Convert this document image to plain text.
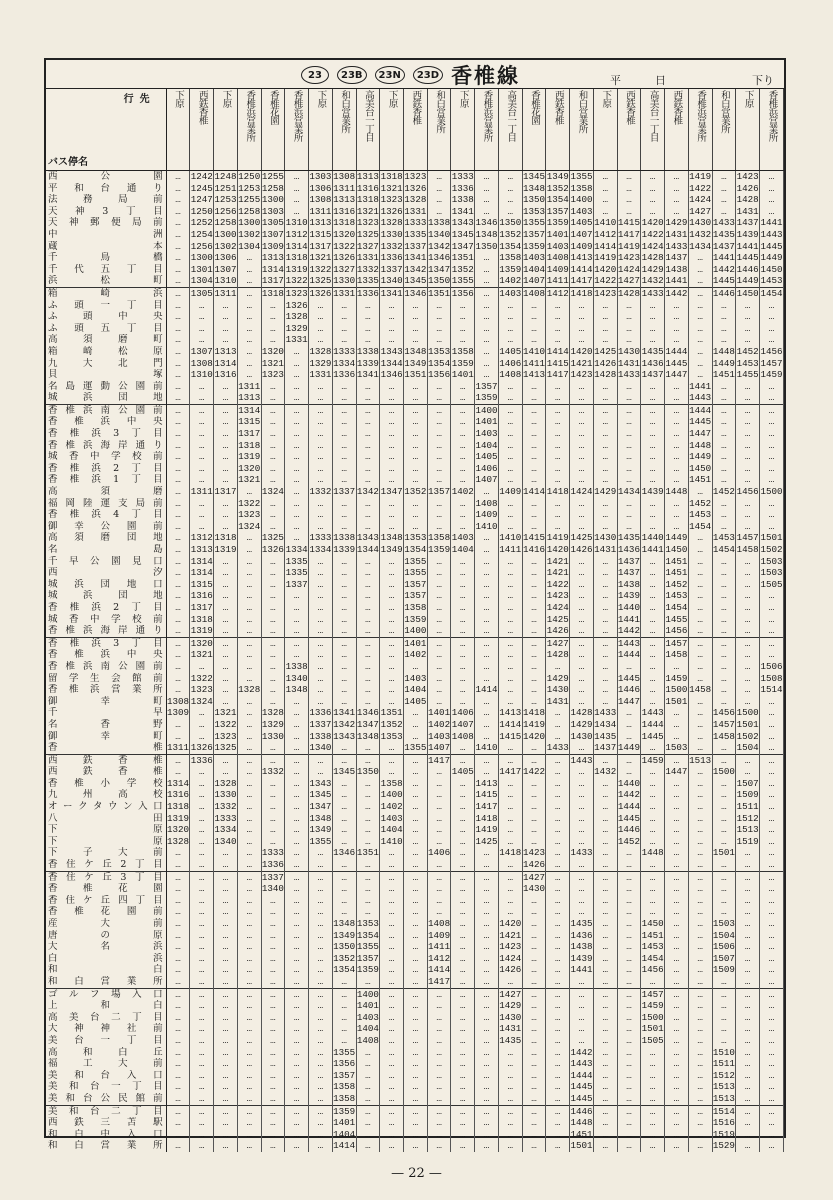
23	23B	23N	23D 香椎線	平日	下り
行先
バス停名	下原	西鉄香椎	下原	香椎浜営業所	香椎花園	香椎浜営業所	下原	和白営業所	高美台一丁目	下原	西鉄香椎	和白営業所	下原	香椎浜営業所	高美台一丁目	香椎花園	西鉄香椎	和白営業所	下原	西鉄香椎	高美台一丁目	西鉄香椎	香椎浜営業所	和白営業所	下原	香椎浜営業所
西公園	…	1242	1248	1250	1255	…	1303	1308	1313	1318	1323	…	1333	…	…	1345	1349	1355	…	…	…	…	1419	…	1423	…
平和台通り	…	1245	1251	1253	1258	…	1306	1311	1316	1321	1326	…	1336	…	…	1348	1352	1358	…	…	…	…	1422	…	1426	…
法務局前	…	1247	1253	1255	1300	…	1308	1313	1318	1323	1328	…	1338	…	…	1350	1354	1400	…	…	…	…	1424	…	1428	…
天神3丁目	…	1250	1256	1258	1303	…	1311	1316	1321	1326	1331	…	1341	…	…	1353	1357	1403	…	…	…	…	1427	…	1431	…
天神郵便局前	…	1252	1258	1300	1305	1310	1313	1318	1323	1328	1333	1338	1343	1346	1350	1355	1359	1405	1410	1415	1420	1429	1430	1433	1437	1441
中洲	…	1254	1300	1302	1307	1312	1315	1320	1325	1330	1335	1340	1345	1348	1352	1357	1401	1407	1412	1417	1422	1431	1432	1435	1439	1443
蔵本	…	1256	1302	1304	1309	1314	1317	1322	1327	1332	1337	1342	1347	1350	1354	1359	1403	1409	1414	1419	1424	1433	1434	1437	1441	1445
千鳥橋	…	1300	1306	…	1313	1318	1321	1326	1331	1336	1341	1346	1351	…	1358	1403	1408	1413	1419	1423	1428	1437	…	1441	1445	1449
千代五丁目	…	1301	1307	…	1314	1319	1322	1327	1332	1337	1342	1347	1352	…	1359	1404	1409	1414	1420	1424	1429	1438	…	1442	1446	1450
浜松町	…	1304	1310	…	1317	1322	1325	1330	1335	1340	1345	1350	1355	…	1402	1407	1411	1417	1422	1427	1432	1441	…	1445	1449	1453
箱崎浜	…	1305	1311	…	1318	1323	1326	1331	1336	1341	1346	1351	1356	…	1403	1408	1412	1418	1423	1428	1433	1442	…	1446	1450	1454
ふ頭一丁目	…	…	…	…	…	1326	…	…	…	…	…	…	…	…	…	…	…	…	…	…	…	…	…	…	…	…
ふ頭中央	…	…	…	…	…	1328	…	…	…	…	…	…	…	…	…	…	…	…	…	…	…	…	…	…	…	…
ふ頭五丁目	…	…	…	…	…	1329	…	…	…	…	…	…	…	…	…	…	…	…	…	…	…	…	…	…	…	…
高須磨町	…	…	…	…	…	1331	…	…	…	…	…	…	…	…	…	…	…	…	…	…	…	…	…	…	…	…
箱崎松原	…	1307	1313	…	1320	…	1328	1333	1338	1343	1348	1353	1358	…	1405	1410	1414	1420	1425	1430	1435	1444	…	1448	1452	1456
九大北門	…	1308	1314	…	1321	…	1329	1334	1339	1344	1349	1354	1359	…	1406	1411	1415	1421	1426	1431	1436	1445	…	1449	1453	1457
貝塚	…	1310	1316	…	1323	…	1331	1336	1341	1346	1351	1356	1401	…	1408	1413	1417	1423	1428	1433	1437	1447	…	1451	1455	1459
名島運動公園前	…	…	…	1311	…	…	…	…	…	…	…	…	…	1357	…	…	…	…	…	…	…	…	1441	…	…	…
城浜団地	…	…	…	1313	…	…	…	…	…	…	…	…	…	1359	…	…	…	…	…	…	…	…	1443	…	…	…
香椎浜南公園前	…	…	…	1314	…	…	…	…	…	…	…	…	…	1400	…	…	…	…	…	…	…	…	1444	…	…	…
香椎浜中央	…	…	…	1315	…	…	…	…	…	…	…	…	…	1401	…	…	…	…	…	…	…	…	1445	…	…	…
香椎浜3丁目	…	…	…	1317	…	…	…	…	…	…	…	…	…	1403	…	…	…	…	…	…	…	…	1447	…	…	…
香椎浜海岸通り	…	…	…	1318	…	…	…	…	…	…	…	…	…	1404	…	…	…	…	…	…	…	…	1448	…	…	…
城香中学校前	…	…	…	1319	…	…	…	…	…	…	…	…	…	1405	…	…	…	…	…	…	…	…	1449	…	…	…
香椎浜2丁目	…	…	…	1320	…	…	…	…	…	…	…	…	…	1406	…	…	…	…	…	…	…	…	1450	…	…	…
香椎浜1丁目	…	…	…	1321	…	…	…	…	…	…	…	…	…	1407	…	…	…	…	…	…	…	…	1451	…	…	…
高須磨	…	1311	1317	…	1324	…	1332	1337	1342	1347	1352	1357	1402	…	1409	1414	1418	1424	1429	1434	1439	1448	…	1452	1456	1500
福岡陸運支局前	…	…	…	1322	…	…	…	…	…	…	…	…	…	1408	…	…	…	…	…	…	…	…	1452	…	…	…
香椎浜4丁目	…	…	…	1323	…	…	…	…	…	…	…	…	…	1409	…	…	…	…	…	…	…	…	1453	…	…	…
御幸公園前	…	…	…	1324	…	…	…	…	…	…	…	…	…	1410	…	…	…	…	…	…	…	…	1454	…	…	…
高須磨団地	…	1312	1318	…	1325	…	1333	1338	1343	1348	1353	1358	1403	…	1410	1415	1419	1425	1430	1435	1440	1449	…	1453	1457	1501
名島	…	1313	1319	…	1326	1334	1334	1339	1344	1349	1354	1359	1404	…	1411	1416	1420	1426	1431	1436	1441	1450	…	1454	1458	1502
千早公園見口	…	1314	…	…	…	1335	…	…	…	…	1355	…	…	…	…	…	1421	…	…	1437	…	1451	…	…	…	1503
西汐	…	1314	…	…	…	1335	…	…	…	…	1355	…	…	…	…	…	1421	…	…	1437	…	1451	…	…	…	1503
城浜団地口	…	1315	…	…	…	1337	…	…	…	…	1357	…	…	…	…	…	1422	…	…	1438	…	1452	…	…	…	1505
城浜団地	…	1316	…	…	…	…	…	…	…	…	1357	…	…	…	…	…	1423	…	…	1439	…	1453	…	…	…	…
香椎浜2丁目	…	1317	…	…	…	…	…	…	…	…	1358	…	…	…	…	…	1424	…	…	1440	…	1454	…	…	…	…
城香中学校前	…	1318	…	…	…	…	…	…	…	…	1359	…	…	…	…	…	1425	…	…	1441	…	1455	…	…	…	…
香椎浜海岸通り	…	1319	…	…	…	…	…	…	…	…	1400	…	…	…	…	…	1426	…	…	1442	…	1456	…	…	…	…
香椎浜3丁目	…	1320	…	…	…	…	…	…	…	…	1401	…	…	…	…	…	1427	…	…	1443	…	1457	…	…	…	…
香椎浜中央	…	1321	…	…	…	…	…	…	…	…	1402	…	…	…	…	…	1428	…	…	1444	…	1458	…	…	…	…
香椎浜南公園前	…	…	…	…	…	1338	…	…	…	…	…	…	…	…	…	…	…	…	…	…	…	…	…	…	…	1506
留学生会館前	…	1322	…	…	…	1340	…	…	…	…	1403	…	…	…	…	…	1429	…	…	1445	…	1459	…	…	…	1508
香椎浜営業所	…	1323	…	1328	…	1348	…	…	…	…	1404	…	…	1414	…	…	1430	…	…	1446	…	1500	1458	…	…	1514
御幸町	1308	1324	…	…	…	…	…	…	…	…	1405	…	…	…	…	…	1431	…	…	1447	…	1501	…	…	…	…
千早	1309	…	1321	…	1328	…	1336	1341	1346	1351	…	1401	1406	…	1413	1418	…	1428	1433	…	1443	…	…	1456	1500	…
名香野	…	…	1322	…	1329	…	1337	1342	1347	1352	…	1402	1407	…	1414	1419	…	1429	1434	…	1444	…	…	1457	1501	…
御幸町	…	…	1323	…	1330	…	1338	1343	1348	1353	…	1403	1408	…	1415	1420	…	1430	1435	…	1445	…	…	1458	1502	…
香椎	1311	1326	1325	…	…	…	1340	…	…	…	1355	1407	…	1410	…	…	1433	…	1437	1449	…	1503	…	…	1504	…
西鉄香椎	…	1336	…	…	…	…	…	…	…	…	…	1417	…	…	…	…	…	1443	…	…	1459	…	1513	…	…	…
西鉄香椎	…	…	…	…	1332	…	…	1345	1350	…	…	…	1405	…	1417	1422	…	…	1432	…	…	1447	…	1500	…	…
香椎小学校	1314	…	1328	…	…	…	1343	…	…	1358	…	…	…	1413	…	…	…	…	…	1440	…	…	…	…	1507	…
九州高校	1316	…	1330	…	…	…	1345	…	…	1400	…	…	…	1415	…	…	…	…	…	1442	…	…	…	…	1509	…
オークタウン入口	1318	…	1332	…	…	…	1347	…	…	1402	…	…	…	1417	…	…	…	…	…	1444	…	…	…	…	1511	…
八田	1319	…	1333	…	…	…	1348	…	…	1403	…	…	…	1418	…	…	…	…	…	1445	…	…	…	…	1512	…
下原	1320	…	1334	…	…	…	1349	…	…	1404	…	…	…	1419	…	…	…	…	…	1446	…	…	…	…	1513	…
下原	1328	…	1340	…	…	…	1355	…	…	1410	…	…	…	1425	…	…	…	…	…	1452	…	…	…	…	1519	…
下子大前	…	…	…	…	1333	…	…	1346	1351	…	…	1406	…	…	1418	1423	…	1433	…	…	1448	…	…	1501	…	…
香住ケ丘2丁目	…	…	…	…	1336	…	…	…	…	…	…	…	…	…	…	1426	…	…	…	…	…	…	…	…	…	…
香住ケ丘3丁目	…	…	…	…	1337	…	…	…	…	…	…	…	…	…	…	1427	…	…	…	…	…	…	…	…	…	…
香椎花園	…	…	…	…	1340	…	…	…	…	…	…	…	…	…	…	1430	…	…	…	…	…	…	…	…	…	…
香住ケ丘四丁目	…	…	…	…	…	…	…	…	…	…	…	…	…	…	…	…	…	…	…	…	…	…	…	…	…	…
香椎花園前	…	…	…	…	…	…	…	…	…	…	…	…	…	…	…	…	…	…	…	…	…	…	…	…	…	…
産大前	…	…	…	…	…	…	…	1348	1353	…	…	1408	…	…	1420	…	…	1435	…	…	1450	…	…	1503	…	…
唐の原	…	…	…	…	…	…	…	1349	1354	…	…	1409	…	…	1421	…	…	1436	…	…	1451	…	…	1504	…	…
大名浜	…	…	…	…	…	…	…	1350	1355	…	…	1411	…	…	1423	…	…	1438	…	…	1453	…	…	1506	…	…
白浜	…	…	…	…	…	…	…	1352	1357	…	…	1412	…	…	1424	…	…	1439	…	…	1454	…	…	1507	…	…
和白	…	…	…	…	…	…	…	1354	1359	…	…	1414	…	…	1426	…	…	1441	…	…	1456	…	…	1509	…	…
和白営業所	…	…	…	…	…	…	…	…	…	…	…	1417	…	…	…	…	…	…	…	…	…	…	…	…	…	…
ゴルフ場入口	…	…	…	…	…	…	…	…	1400	…	…	…	…	…	1427	…	…	…	…	…	1457	…	…	…	…	…
上和白	…	…	…	…	…	…	…	…	1401	…	…	…	…	…	1429	…	…	…	…	…	1459	…	…	…	…	…
高美台二丁目	…	…	…	…	…	…	…	…	1403	…	…	…	…	…	1430	…	…	…	…	…	1500	…	…	…	…	…
大神神社前	…	…	…	…	…	…	…	…	1404	…	…	…	…	…	1431	…	…	…	…	…	1501	…	…	…	…	…
美台一丁目	…	…	…	…	…	…	…	…	1408	…	…	…	…	…	1435	…	…	…	…	…	1505	…	…	…	…	…
高和白丘	…	…	…	…	…	…	…	1355	…	…	…	…	…	…	…	…	…	1442	…	…	…	…	…	1510	…	…
福工大前	…	…	…	…	…	…	…	1356	…	…	…	…	…	…	…	…	…	1443	…	…	…	…	…	1511	…	…
美和台入口	…	…	…	…	…	…	…	1357	…	…	…	…	…	…	…	…	…	1444	…	…	…	…	…	1512	…	…
美和台一丁目	…	…	…	…	…	…	…	1358	…	…	…	…	…	…	…	…	…	1445	…	…	…	…	…	1513	…	…
美和台公民館前	…	…	…	…	…	…	…	1358	…	…	…	…	…	…	…	…	…	1445	…	…	…	…	…	1513	…	…
美和台二丁目	…	…	…	…	…	…	…	1359	…	…	…	…	…	…	…	…	…	1446	…	…	…	…	…	1514	…	…
西鉄三苫駅	…	…	…	…	…	…	…	1401	…	…	…	…	…	…	…	…	…	1448	…	…	…	…	…	1516	…	…
和白中入口	…	…	…	…	…	…	…	1404	…	…	…	…	…	…	…	…	…	1451	…	…	…	…	…	1519	…	…
和白営業所	…	…	…	…	…	…	…	1414	…	…	…	…	…	…	…	…	…	1501	…	…	…	…	…	1529	…	…
— 22 —
